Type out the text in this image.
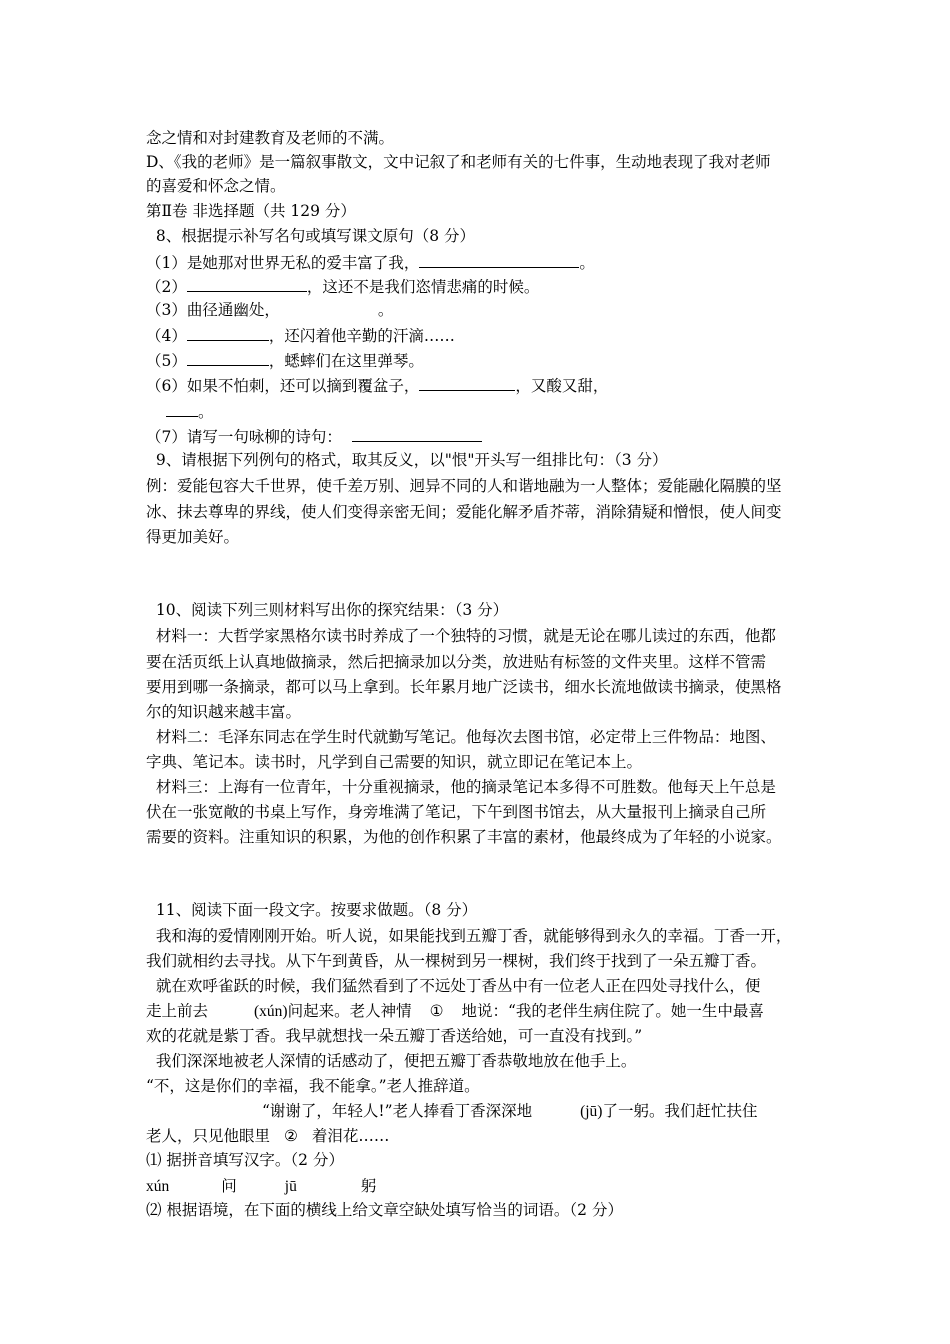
念之情和对封建教育及老师的不满。
D、《我的老师》是一篇叙事散文，文中记叙了和老师有关的七件事，生动地表现了我对老师
的喜爱和怀念之情。
第Ⅱ卷 非选择题（共 129 分）
8、根据提示补写名句或填写课文原句（8 分）
（1）是她那对世界无私的爱丰富了我，	。
（2）	，这还不是我们恣情悲痛的时候。
（3）曲径通幽处，	。
（4）	，还闪着他辛勤的汗滴……
（5）	，蟋蟀们在这里弹琴。
（6）如果不怕刺，还可以摘到覆盆子，	，又酸又甜，
。
（7）请写一句咏柳的诗句：
9、请根据下列例句的格式，取其反义，以"恨"开头写一组排比句：（3 分）
例：爱能包容大千世界，使千差万别、迥异不同的人和谐地融为一人整体；爱能融化隔膜的坚
冰、抹去尊卑的界线，使人们变得亲密无间；爱能化解矛盾芥蒂，消除猜疑和憎恨，使人间变
得更加美好。
10、阅读下列三则材料写出你的探究结果：（3 分）
材料一：大哲学家黑格尔读书时养成了一个独特的习惯，就是无论在哪儿读过的东西，他都
要在活页纸上认真地做摘录，然后把摘录加以分类，放进贴有标签的文件夹里。这样不管需
要用到哪一条摘录，都可以马上拿到。长年累月地广泛读书，细水长流地做读书摘录，使黑格
尔的知识越来越丰富。
材料二：毛泽东同志在学生时代就勤写笔记。他每次去图书馆，必定带上三件物品：地图、
字典、笔记本。读书时，凡学到自己需要的知识，就立即记在笔记本上。
材料三：上海有一位青年，十分重视摘录，他的摘录笔记本多得不可胜数。他每天上午总是
伏在一张宽敞的书桌上写作，身旁堆满了笔记，下午到图书馆去，从大量报刊上摘录自己所
需要的资料。注重知识的积累，为他的创作积累了丰富的素材，他最终成为了年轻的小说家。
11、阅读下面一段文字。按要求做题。（8 分）
我和海的爱情刚刚开始。听人说，如果能找到五瓣丁香，就能够得到永久的幸福。丁香一开，
我们就相约去寻找。从下午到黄昏，从一棵树到另一棵树，我们终于找到了一朵五瓣丁香。
就在欢呼雀跃的时候，我们猛然看到了不远处丁香丛中有一位老人正在四处寻找什么，便
走上前去	(xún)问起来。老人神情 ① 地说：“我的老伴生病住院了。她一生中最喜
欢的花就是紫丁香。我早就想找一朵五瓣丁香送给她，可一直没有找到。”
我们深深地被老人深情的话感动了，便把五瓣丁香恭敬地放在他手上。
“不，这是你们的幸福，我不能拿。”老人推辞道。
“谢谢了，年轻人!”老人捧看丁香深深地	(jū)了一躬。我们赶忙扶住
老人，只见他眼里 ② 着泪花……
⑴ 据拼音填写汉字。（2 分）
xún	问	jū	躬
⑵ 根据语境，在下面的横线上给文章空缺处填写恰当的词语。（2 分）
